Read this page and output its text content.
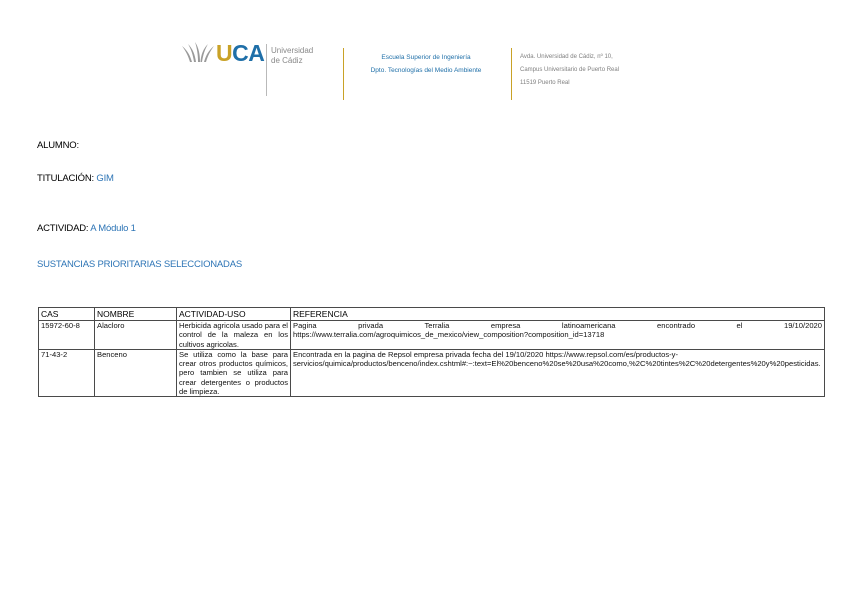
UCA Universidad
de Cádiz	Escuela Superior de Ingeniería
Dpto. Tecnologías del Medio Ambiente
Avda. Universidad de Cádiz, nº 10,
Campus Universitario de Puerto Real
11519 Puerto Real
ALUMNO:
TITULACIÓN: GIM
ACTIVIDAD: A Módulo 1
SUSTANCIAS PRIORITARIAS SELECCIONADAS
CAS	NOMBRE	ACTIVIDAD-USO	REFERENCIA
15972-60-8	Alacloro	Herbicida agricola usado para el control de la maleza en los cultivos agricolas.	Pagina privada Terralia empresa latinoamericana encontrado el 19/10/2020
https://www.terralia.com/agroquimicos_de_mexico/view_composition?composition_id=13718

71-43-2	Benceno	Se utiliza como la base para crear otros productos químicos, pero tambien se utiliza para crear detergentes o productos de limpieza.	Encontrada en la pagina de Repsol empresa privada fecha del 19/10/2020 https://www.repsol.com/es/productos-y-servicios/quimica/productos/benceno/index.cshtml#:~:text=El%20benceno%20se%20usa%20como,%2C%20tintes%2C%20detergentes%20y%20pesticidas.
